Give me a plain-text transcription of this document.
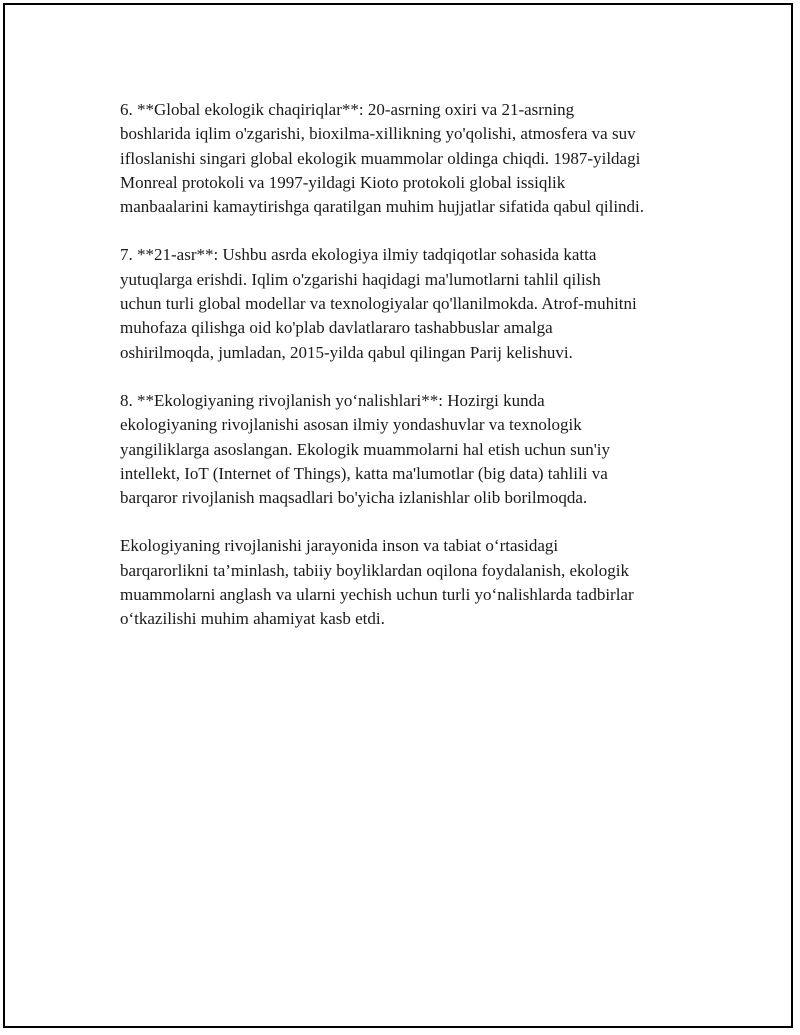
6. **Global ekologik chaqiriqlar**: 20-asrning oxiri va 21-asrning
boshlarida iqlim o'zgarishi, bioxilma-xillikning yo'qolishi, atmosfera va suv
ifloslanishi singari global ekologik muammolar oldinga chiqdi. 1987-yildagi
Monreal protokoli va 1997-yildagi Kioto protokoli global issiqlik
manbaalarini kamaytirishga qaratilgan muhim hujjatlar sifatida qabul qilindi.

7. **21-asr**: Ushbu asrda ekologiya ilmiy tadqiqotlar sohasida katta
yutuqlarga erishdi. Iqlim o'zgarishi haqidagi ma'lumotlarni tahlil qilish
uchun turli global modellar va texnologiyalar qo'llanilmokda. Atrof-muhitni
muhofaza qilishga oid ko'plab davlatlararo tashabbuslar amalga
oshirilmoqda, jumladan, 2015-yilda qabul qilingan Parij kelishuvi.

8. **Ekologiyaning rivojlanish yo‘nalishlari**: Hozirgi kunda
ekologiyaning rivojlanishi asosan ilmiy yondashuvlar va texnologik
yangiliklarga asoslangan. Ekologik muammolarni hal etish uchun sun'iy
intellekt, IoT (Internet of Things), katta ma'lumotlar (big data) tahlili va
barqaror rivojlanish maqsadlari bo'yicha izlanishlar olib borilmoqda.

Ekologiyaning rivojlanishi jarayonida inson va tabiat o‘rtasidagi
barqarorlikni ta’minlash, tabiiy boyliklardan oqilona foydalanish, ekologik
muammolarni anglash va ularni yechish uchun turli yo‘nalishlarda tadbirlar
o‘tkazilishi muhim ahamiyat kasb etdi.
